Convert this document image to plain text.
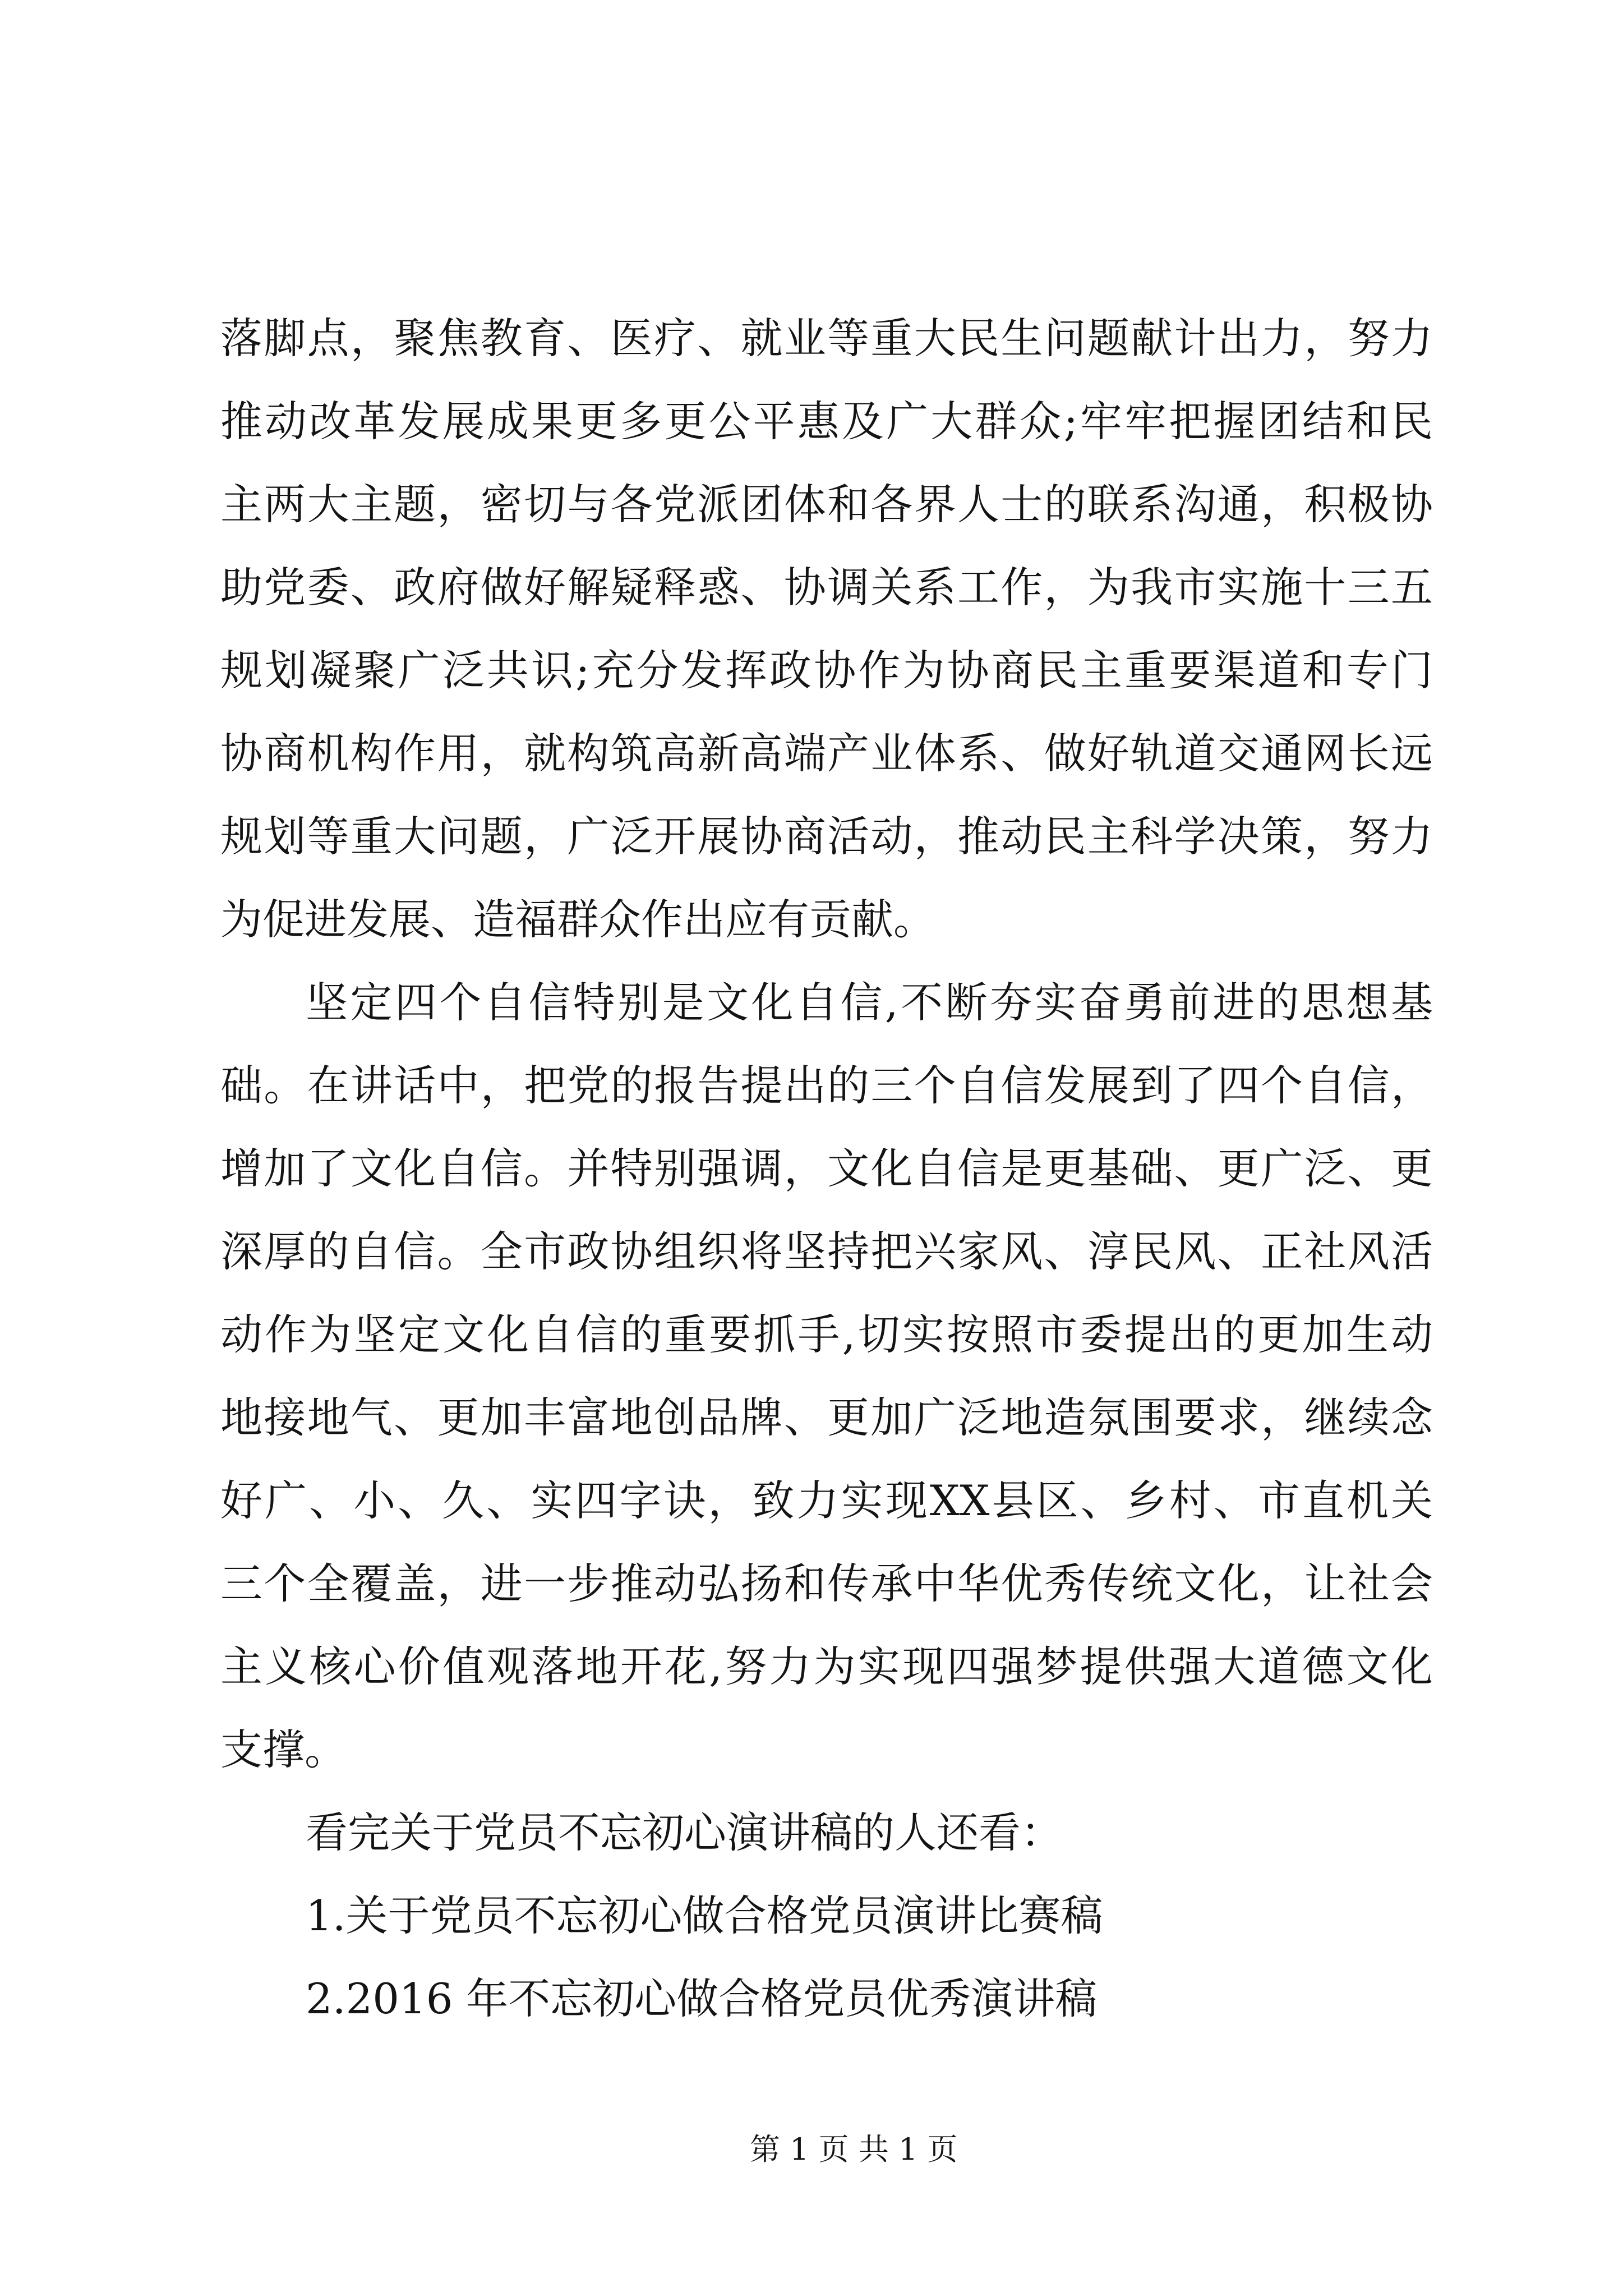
落脚点，聚焦教育、医疗、就业等重大民生问题献计出力，努力
推动改革发展成果更多更公平惠及广大群众;牢牢把握团结和民
主两大主题，密切与各党派团体和各界人士的联系沟通，积极协
助党委、政府做好解疑释惑、协调关系工作，为我市实施十三五
规划凝聚广泛共识;充分发挥政协作为协商民主重要渠道和专门
协商机构作用，就构筑高新高端产业体系、做好轨道交通网长远
规划等重大问题，广泛开展协商活动，推动民主科学决策，努力
为促进发展、造福群众作出应有贡献。
坚定四个自信特别是文化自信,不断夯实奋勇前进的思想基
础。在讲话中，把党的报告提出的三个自信发展到了四个自信，
增加了文化自信。并特别强调，文化自信是更基础、更广泛、更
深厚的自信。全市政协组织将坚持把兴家风、淳民风、正社风活
动作为坚定文化自信的重要抓手,切实按照市委提出的更加生动
地接地气、更加丰富地创品牌、更加广泛地造氛围要求，继续念
好广、小、久、实四字诀，致力实现XX县区、乡村、市直机关
三个全覆盖，进一步推动弘扬和传承中华优秀传统文化，让社会
主义核心价值观落地开花,努力为实现四强梦提供强大道德文化
支撑。
看完关于党员不忘初心演讲稿的人还看：
1.关于党员不忘初心做合格党员演讲比赛稿
2.2016 年不忘初心做合格党员优秀演讲稿
第 1 页 共 1 页
